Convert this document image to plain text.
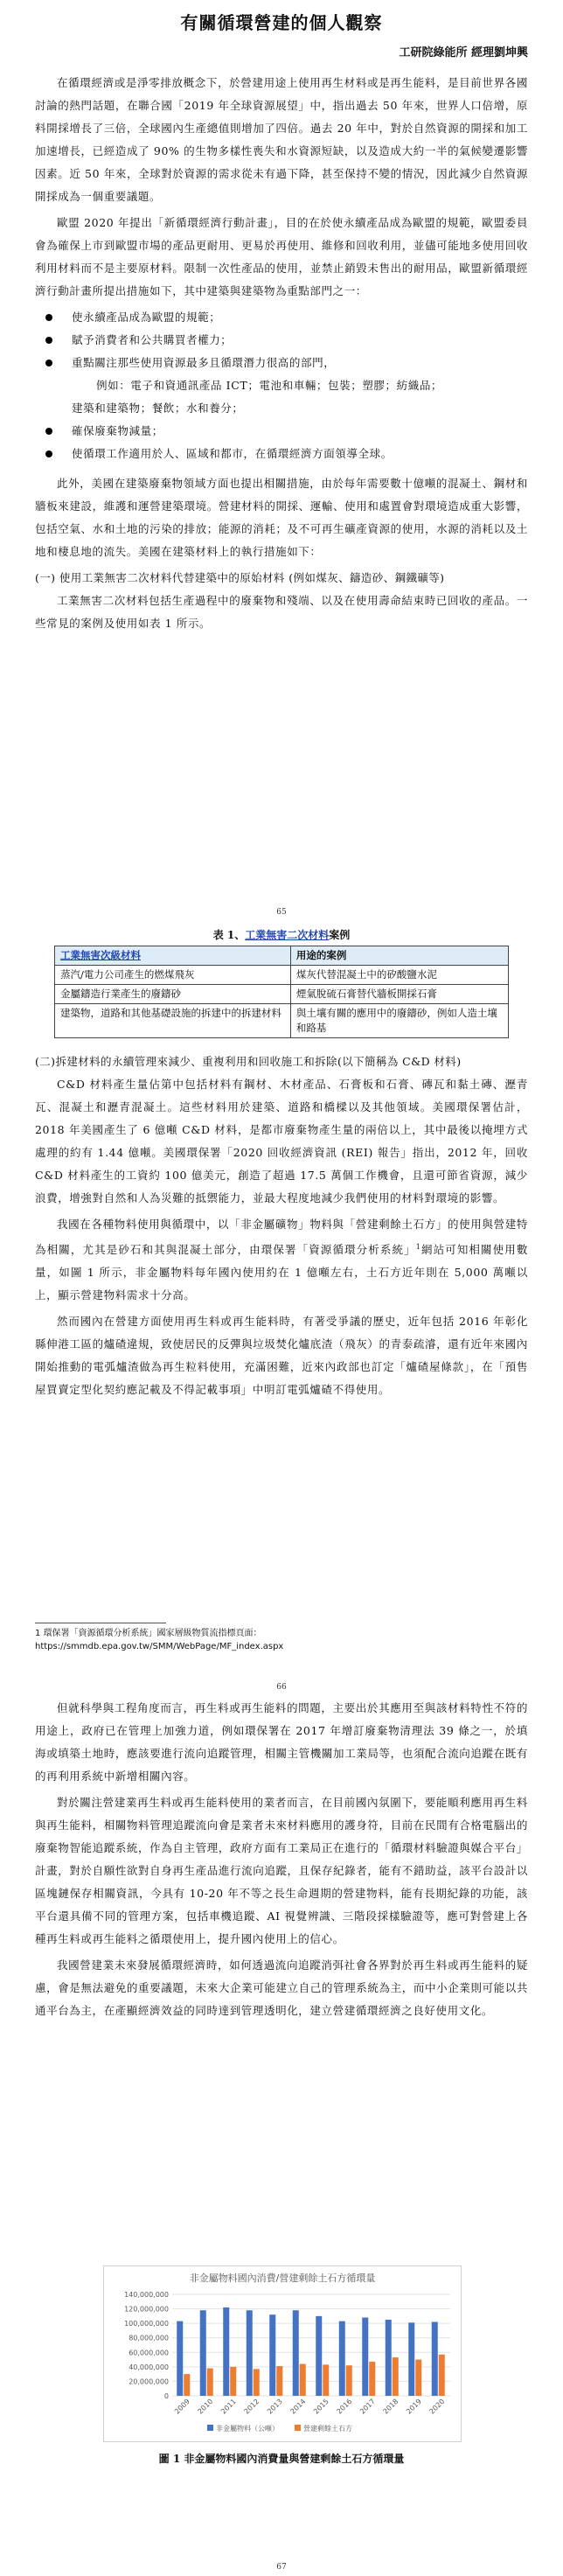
有關循環營建的個人觀察
工研院綠能所 經理劉坤興

在循環經濟或是淨零排放概念下，於營建用途上使用再生材料或是再生能料，是目前世界各國討論的熱門話題，在聯合國「2019 年全球資源展望」中，指出過去 50 年來，世界人口倍增，原料開採增長了三倍，全球國內生產總值則增加了四倍。過去 20 年中，對於自然資源的開採和加工加速增長，已經造成了 90% 的生物多樣性喪失和水資源短缺，以及造成大約一半的氣候變遷影響因素。近 50 年來，全球對於資源的需求從未有過下降，甚至保持不變的情況，因此減少自然資源開採成為一個重要議題。

歐盟 2020 年提出「新循環經濟行動計畫」，目的在於使永續產品成為歐盟的規範，歐盟委員會為確保上市到歐盟市場的產品更耐用、更易於再使用、維修和回收利用，並儘可能地多使用回收利用材料而不是主要原材料。限制一次性產品的使用，並禁止銷毀未售出的耐用品，歐盟新循環經濟行動計畫所提出措施如下，其中建築與建築物為重點部門之一：

使永續產品成為歐盟的規範；
賦予消費者和公共購買者權力；
重點關注那些使用資源最多且循環潛力很高的部門，
例如：電子和資通訊產品 ICT；電池和車輛；包裝；塑膠；紡織品；
建築和建築物；餐飲；水和養分；
確保廢棄物減量；
使循環工作適用於人、區域和都市，在循環經濟方面領導全球。

此外，美國在建築廢棄物領域方面也提出相關措施，由於每年需要數十億噸的混凝土、鋼材和牆板來建設，維護和運營建築環境。營建材料的開採、運輸、使用和處置會對環境造成重大影響，包括空氣、水和土地的污染的排放；能源的消耗；及不可再生礦產資源的使用，水源的消耗以及土地和棲息地的流失。美國在建築材料上的執行措施如下：

(一) 使用工業無害二次材料代替建築中的原始材料 (例如煤灰、鑄造砂、鋼鐵礦等)

工業無害二次材料包括生產過程中的廢棄物和殘端、以及在使用壽命結束時已回收的產品。一些常見的案例及使用如表 1 所示。

65
表 1、工業無害二次材料案例
工業無害次級材料	用途的案例
蒸汽/電力公司產生的燃煤飛灰	煤灰代替混凝土中的矽酸鹽水泥
金屬鑄造行業產生的廢鑄砂	煙氣脫硫石膏替代牆板開採石膏
建築物，道路和其他基礎設施的拆建中的拆建材料	與土壤有關的應用中的廢鑄砂，例如人造土壤和路基
(二)拆建材料的永續管理來減少、重複利用和回收施工和拆除(以下簡稱為 C&D 材料)

C&D 材料產生量佔第中包括材料有鋼材、木材產品、石膏板和石膏、磚瓦和黏土磚、瀝青瓦、混凝土和瀝青混凝土。這些材料用於建築、道路和橋樑以及其他領域。美國環保署估計，2018 年美國產生了 6 億噸 C&D 材料，是都市廢棄物產生量的兩倍以上，其中最後以掩埋方式處理的約有 1.44 億噸。美國環保署「2020 回收經濟資訊 (REI) 報告」指出，2012 年，回收 C&D 材料產生的工資約 100 億美元，創造了超過 17.5 萬個工作機會，且還可節省資源，減少浪費，增強對自然和人為災難的抵禦能力，並最大程度地減少我們使用的材料對環境的影響。

我國在各種物料使用與循環中，以「非金屬礦物」物料與「營建剩餘土石方」的使用與營建特為相關，尤其是砂石和其與混凝土部分，由環保署「資源循環分析系統」$^1$網站可知相關使用數量，如圖 1 所示，非金屬物料每年國內使用約在 1 億噸左右，土石方近年則在 5,000 萬噸以上，顯示營建物料需求十分高。

然而國內在營建方面使用再生料或再生能料時，有著受爭議的歷史，近年包括 2016 年彰化縣伸港工區的爐碴違規，致使居民的反彈與垃圾焚化爐底渣（飛灰）的青泰疏濬，還有近年來國內開始推動的電弧爐渣做為再生粒料使用，充滿困難，近來內政部也訂定「爐碴屋條款」，在「預售屋買賣定型化契約應記載及不得記載事項」中明訂電弧爐碴不得使用。

1 環保署「資源循環分析系統」國家層級物質流指標頁面：
https://smmdb.epa.gov.tw/SMM/WebPage/MF_index.aspx
66

但就科學與工程角度而言，再生料或再生能料的問題，主要出於其應用至與該材料特性不符的用途上，政府已在管理上加強力道，例如環保署在 2017 年增訂廢棄物清理法 39 條之一，於填海或填築土地時，應該要進行流向追蹤管理，相關主管機關加工業局等，也須配合流向追蹤在既有的再利用系統中新增相關內容。

對於關注營建業再生料或再生能料使用的業者而言，在目前國內氛圍下，要能順利應用再生料與再生能料，相關物料管理追蹤流向會是業者未來材料應用的護身符，目前在民間有合格電腦出的廢棄物智能追蹤系統，作為自主管理，政府方面有工業局正在進行的「循環材料驗證與媒合平台」計畫，對於自願性欲對自身再生產品進行流向追蹤，且保存紀錄者，能有不錯助益，該平台設計以區塊鏈保存相關資訊，今具有 10-20 年不等之長生命週期的營建物料，能有長期紀錄的功能，該平台還具備不同的管理方案，包括車機追蹤、AI 視覺辨識、三階段採樣驗證等，應可對營建上各種再生料或再生能料之循環使用上，提升國內使用上的信心。

我國營建業未來發展循環經濟時，如何透過流向追蹤消弭社會各界對於再生料或再生能料的疑慮，會是無法避免的重要議題，未來大企業可能建立自己的管理系統為主，而中小企業則可能以共通平台為主，在產顯經濟效益的同時達到管理透明化，建立營建循環經濟之良好使用文化。

非金屬物料國內消費/營建剩餘土石方循環量
140,000,000
120,000,000
100,000,000
80,000,000
60,000,000
40,000,000
20,000,000
0
2009 2010 2011 2012 2013 2014 2015 2016 2017 2018 2019 2020
非金屬物料（公噸）	營建剩餘土石方
圖 1 非金屬物料國內消費量與營建剩餘土石方循環量
67
